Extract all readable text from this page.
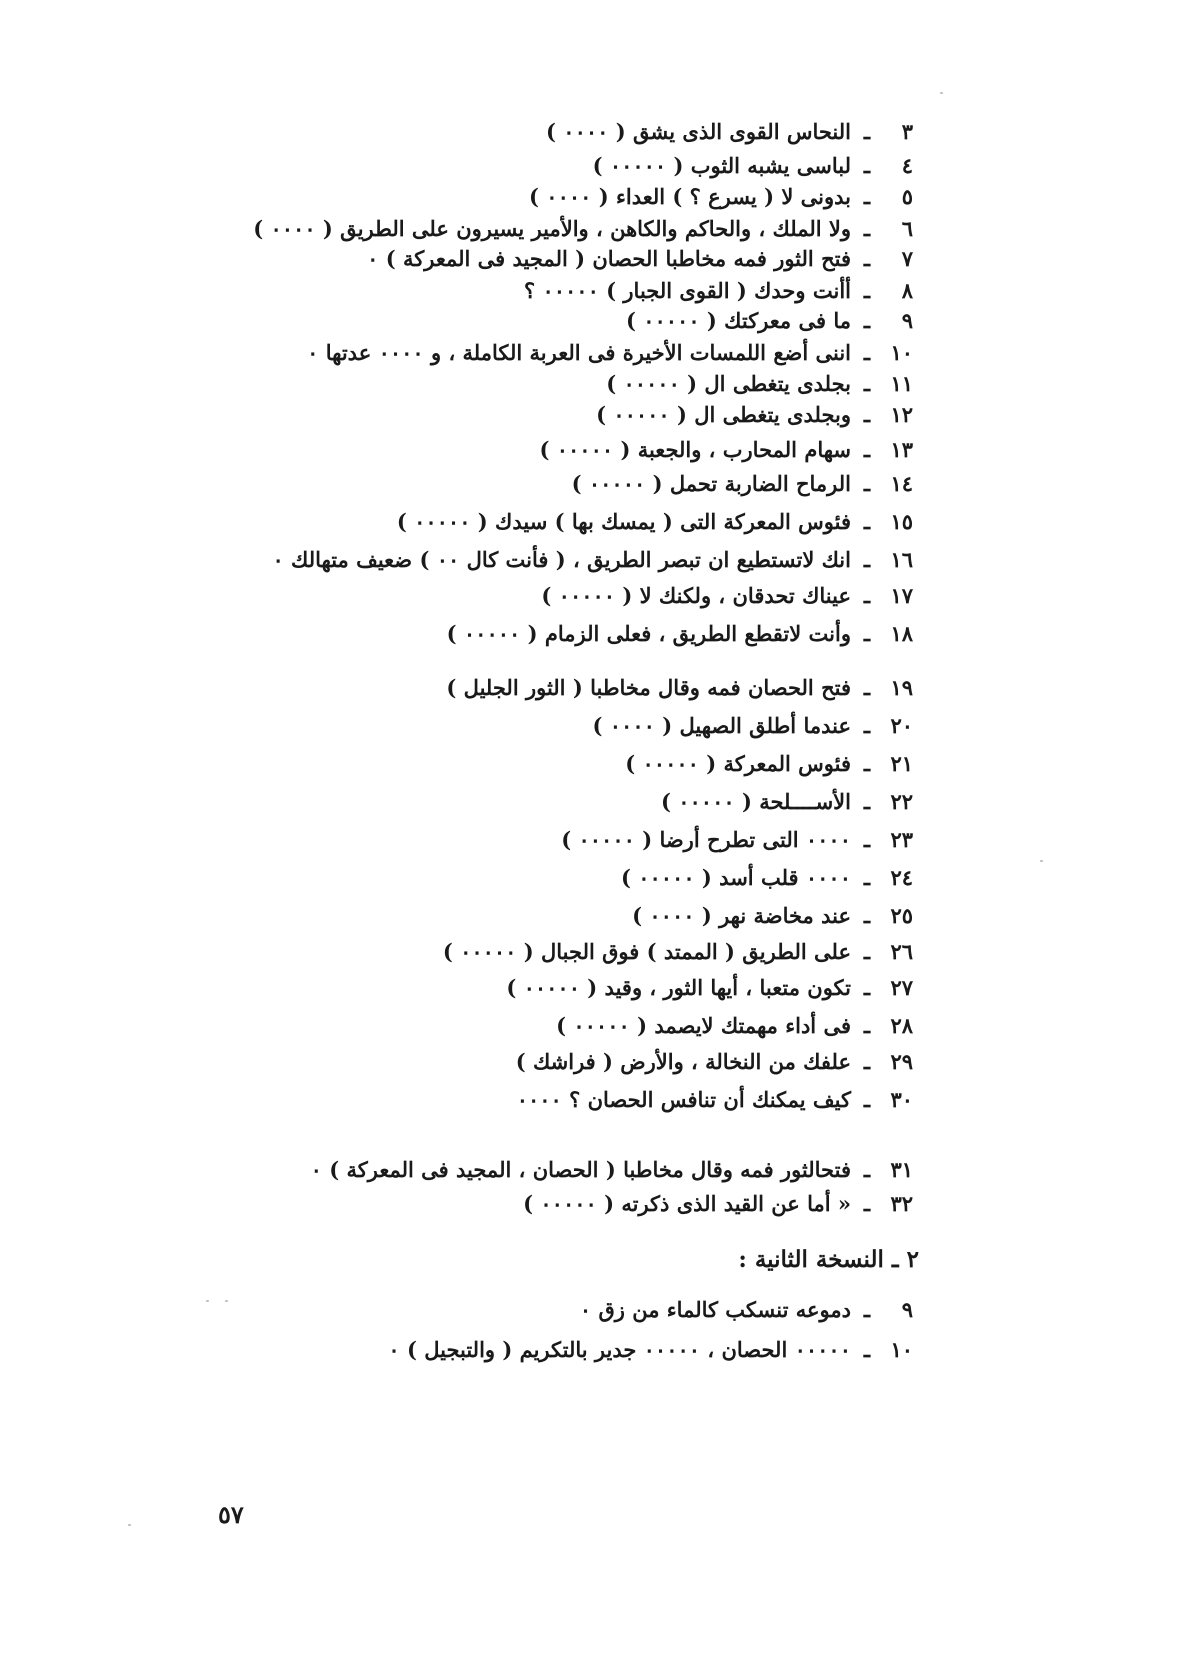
٣ـالنحاس القوى الذى يشق ( ٠٠٠٠ )
٤ـلباسى يشبه الثوب ( ٠٠٠٠٠ )
٥ـبدونى لا ( يسرع ؟ ) العداء ( ٠٠٠٠ )
٦ـولا الملك ، والحاكم والكاهن ، والأمير يسيرون على الطريق ( ٠٠٠٠ )
٧ـفتح الثور فمه مخاطبا الحصان ( المجيد فى المعركة ) ٠
٨ـأأنت وحدك ( القوى الجبار ) ٠٠٠٠٠ ؟
٩ـما فى معركتك ( ٠٠٠٠٠ )
١٠ـاننى أضع اللمسات الأخيرة فى العربة الكاملة ، و ٠٠٠٠ عدتها ٠
١١ـبجلدى يتغطى ال ( ٠٠٠٠٠ )
١٢ـوبجلدى يتغطى ال ( ٠٠٠٠٠ )
١٣ـسهام المحارب ، والجعبة ( ٠٠٠٠٠ )
١٤ـالرماح الضاربة تحمل ( ٠٠٠٠٠ )
١٥ـفئوس المعركة التى ( يمسك بها ) سيدك ( ٠٠٠٠٠ )
١٦ـانك لاتستطيع ان تبصر الطريق ، ( فأنت كال ٠٠ ) ضعيف متهالك ٠
١٧ـعيناك تحدقان ، ولكنك لا ( ٠٠٠٠٠ )
١٨ـوأنت لاتقطع الطريق ، فعلى الزمام ( ٠٠٠٠٠ )
١٩ـفتح الحصان فمه وقال مخاطبا ( الثور الجليل )
٢٠ـعندما أطلق الصهيل ( ٠٠٠٠ )
٢١ـفئوس المعركة ( ٠٠٠٠٠ )
٢٢ـالأســــلحة ( ٠٠٠٠٠ )
٢٣ـ٠٠٠٠ التى تطرح أرضا ( ٠٠٠٠٠ )
٢٤ـ٠٠٠٠ قلب أسد ( ٠٠٠٠٠ )
٢٥ـعند مخاضة نهر ( ٠٠٠٠ )
٢٦ـعلى الطريق ( الممتد ) فوق الجبال ( ٠٠٠٠٠ )
٢٧ـتكون متعبا ، أيها الثور ، وقيد ( ٠٠٠٠٠ )
٢٨ـفى أداء مهمتك لايصمد ( ٠٠٠٠٠ )
٢٩ـعلفك من النخالة ، والأرض ( فراشك )
٣٠ـكيف يمكنك أن تنافس الحصان ؟ ٠٠٠٠
٣١ـفتحالثور فمه وقال مخاطبا ( الحصان ، المجيد فى المعركة ) ٠
٣٢ـ« أما عن القيد الذى ذكرته ( ٠٠٠٠٠ )
٢ ـ النسخة الثانية :
٩ـدموعه تنسكب كالماء من زق ٠
١٠ـ٠٠٠٠٠ الحصان ، ٠٠٠٠٠ جدير بالتكريم ( والتبجيل ) ٠
٥٧
